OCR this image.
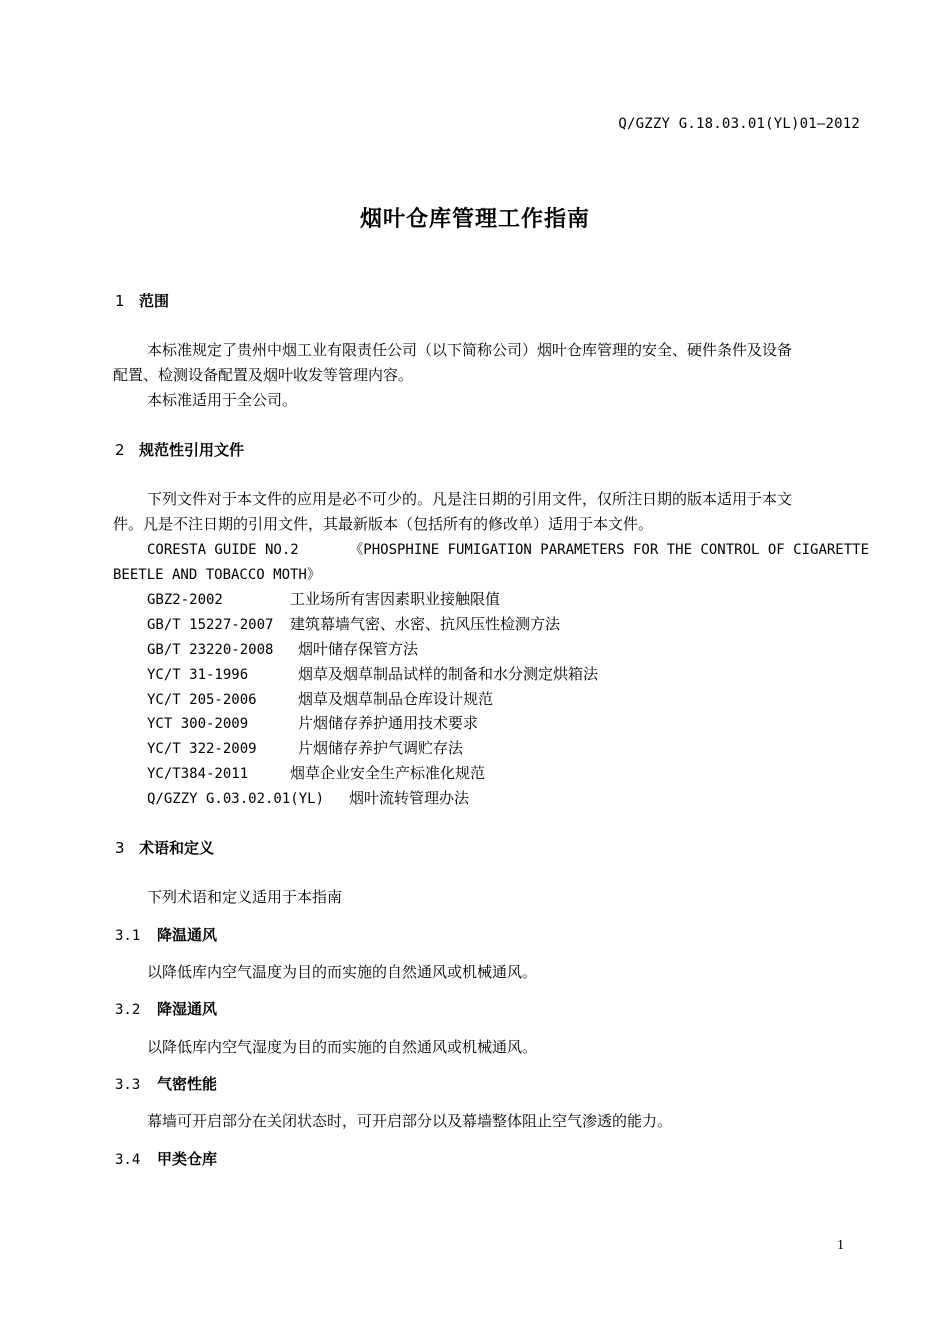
Q/GZZY G.18.03.01(YL)01—2012
烟叶仓库管理工作指南
1 范围
本标准规定了贵州中烟工业有限责任公司（以下简称公司）烟叶仓库管理的安全、硬件条件及设备
配置、检测设备配置及烟叶收发等管理内容。
本标准适用于全公司。
2 规范性引用文件
下列文件对于本文件的应用是必不可少的。凡是注日期的引用文件，仅所注日期的版本适用于本文
件。凡是不注日期的引用文件，其最新版本（包括所有的修改单）适用于本文件。
CORESTA GUIDE NO.2      《PHOSPHINE FUMIGATION PARAMETERS FOR THE CONTROL OF CIGARETTE
BEETLE AND TOBACCO MOTH》
GBZ2-2002	工业场所有害因素职业接触限值
GB/T 15227-2007 建筑幕墙气密、水密、抗风压性检测方法
GB/T 23220-2008 烟叶储存保管方法
YC/T 31-1996	烟草及烟草制品试样的制备和水分测定烘箱法
YC/T 205-2006	烟草及烟草制品仓库设计规范
YCT 300-2009	片烟储存养护通用技术要求
YC/T 322-2009	片烟储存养护气调贮存法
YC/T384-2011	烟草企业安全生产标准化规范
Q/GZZY G.03.02.01(YL) 烟叶流转管理办法
3 术语和定义
下列术语和定义适用于本指南
3.1 降温通风
以降低库内空气温度为目的而实施的自然通风或机械通风。
3.2 降湿通风
以降低库内空气湿度为目的而实施的自然通风或机械通风。
3.3 气密性能
幕墙可开启部分在关闭状态时，可开启部分以及幕墙整体阻止空气渗透的能力。
3.4 甲类仓库
1
